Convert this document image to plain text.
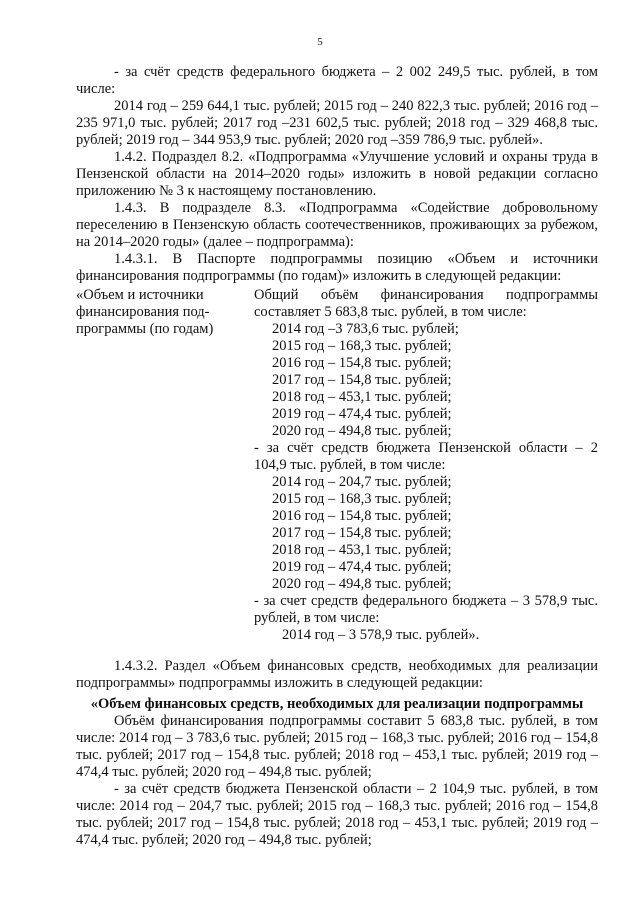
5

- за счёт средств федерального бюджета – 2 002 249,5 тыс. рублей, в том числе:

2014 год – 259 644,1 тыс. рублей; 2015 год – 240 822,3 тыс. рублей; 2016 год – 235 971,0 тыс. рублей; 2017 год –231 602,5 тыс. рублей; 2018 год – 329 468,8 тыс. рублей; 2019 год – 344 953,9 тыс. рублей; 2020 год –359 786,9 тыс. рублей».

1.4.2. Подраздел 8.2. «Подпрограмма «Улучшение условий и охраны труда в Пензенской области на 2014–2020 годы» изложить в новой редакции согласно приложению № 3 к настоящему постановлению.

1.4.3. В подразделе 8.3. «Подпрограмма «Содействие добровольному переселению в Пензенскую область соотечественников, проживающих за рубежом, на 2014–2020 годы» (далее – подпрограмма):

1.4.3.1. В Паспорте подпрограммы позицию «Объем и источники финансирования подпрограммы (по годам)» изложить в следующей редакции:

«Объем и источники

финансирования под-

программы (по годам)

Общий объём финансирования подпрограммы составляет 5 683,8 тыс. рублей, в том числе:

2014 год –3 783,6 тыс. рублей;

2015 год – 168,3 тыс. рублей;

2016 год – 154,8 тыс. рублей;

2017 год – 154,8 тыс. рублей;

2018 год – 453,1 тыс. рублей;

2019 год – 474,4 тыс. рублей;

2020 год – 494,8 тыс. рублей;

- за счёт средств бюджета Пензенской области – 2 104,9 тыс. рублей, в том числе:

2014 год – 204,7 тыс. рублей;

2015 год – 168,3 тыс. рублей;

2016 год – 154,8 тыс. рублей;

2017 год – 154,8 тыс. рублей;

2018 год – 453,1 тыс. рублей;

2019 год – 474,4 тыс. рублей;

2020 год – 494,8 тыс. рублей;

- за счет средств федерального бюджета – 3 578,9 тыс. рублей, в том числе:

2014 год – 3 578,9 тыс. рублей».

1.4.3.2. Раздел «Объем финансовых средств, необходимых для реализации подпрограммы» подпрограммы изложить в следующей редакции:

«Объем финансовых средств, необходимых для реализации подпрограммы

Объём финансирования подпрограммы составит 5 683,8 тыс. рублей, в том числе: 2014 год – 3 783,6 тыс. рублей; 2015 год – 168,3 тыс. рублей; 2016 год – 154,8 тыс. рублей; 2017 год – 154,8 тыс. рублей; 2018 год – 453,1 тыс. рублей; 2019 год – 474,4 тыс. рублей; 2020 год – 494,8 тыс. рублей;

- за счёт средств бюджета Пензенской области – 2 104,9 тыс. рублей, в том числе: 2014 год – 204,7 тыс. рублей; 2015 год – 168,3 тыс. рублей; 2016 год – 154,8 тыс. рублей; 2017 год – 154,8 тыс. рублей; 2018 год – 453,1 тыс. рублей; 2019 год – 474,4 тыс. рублей; 2020 год – 494,8 тыс. рублей;
